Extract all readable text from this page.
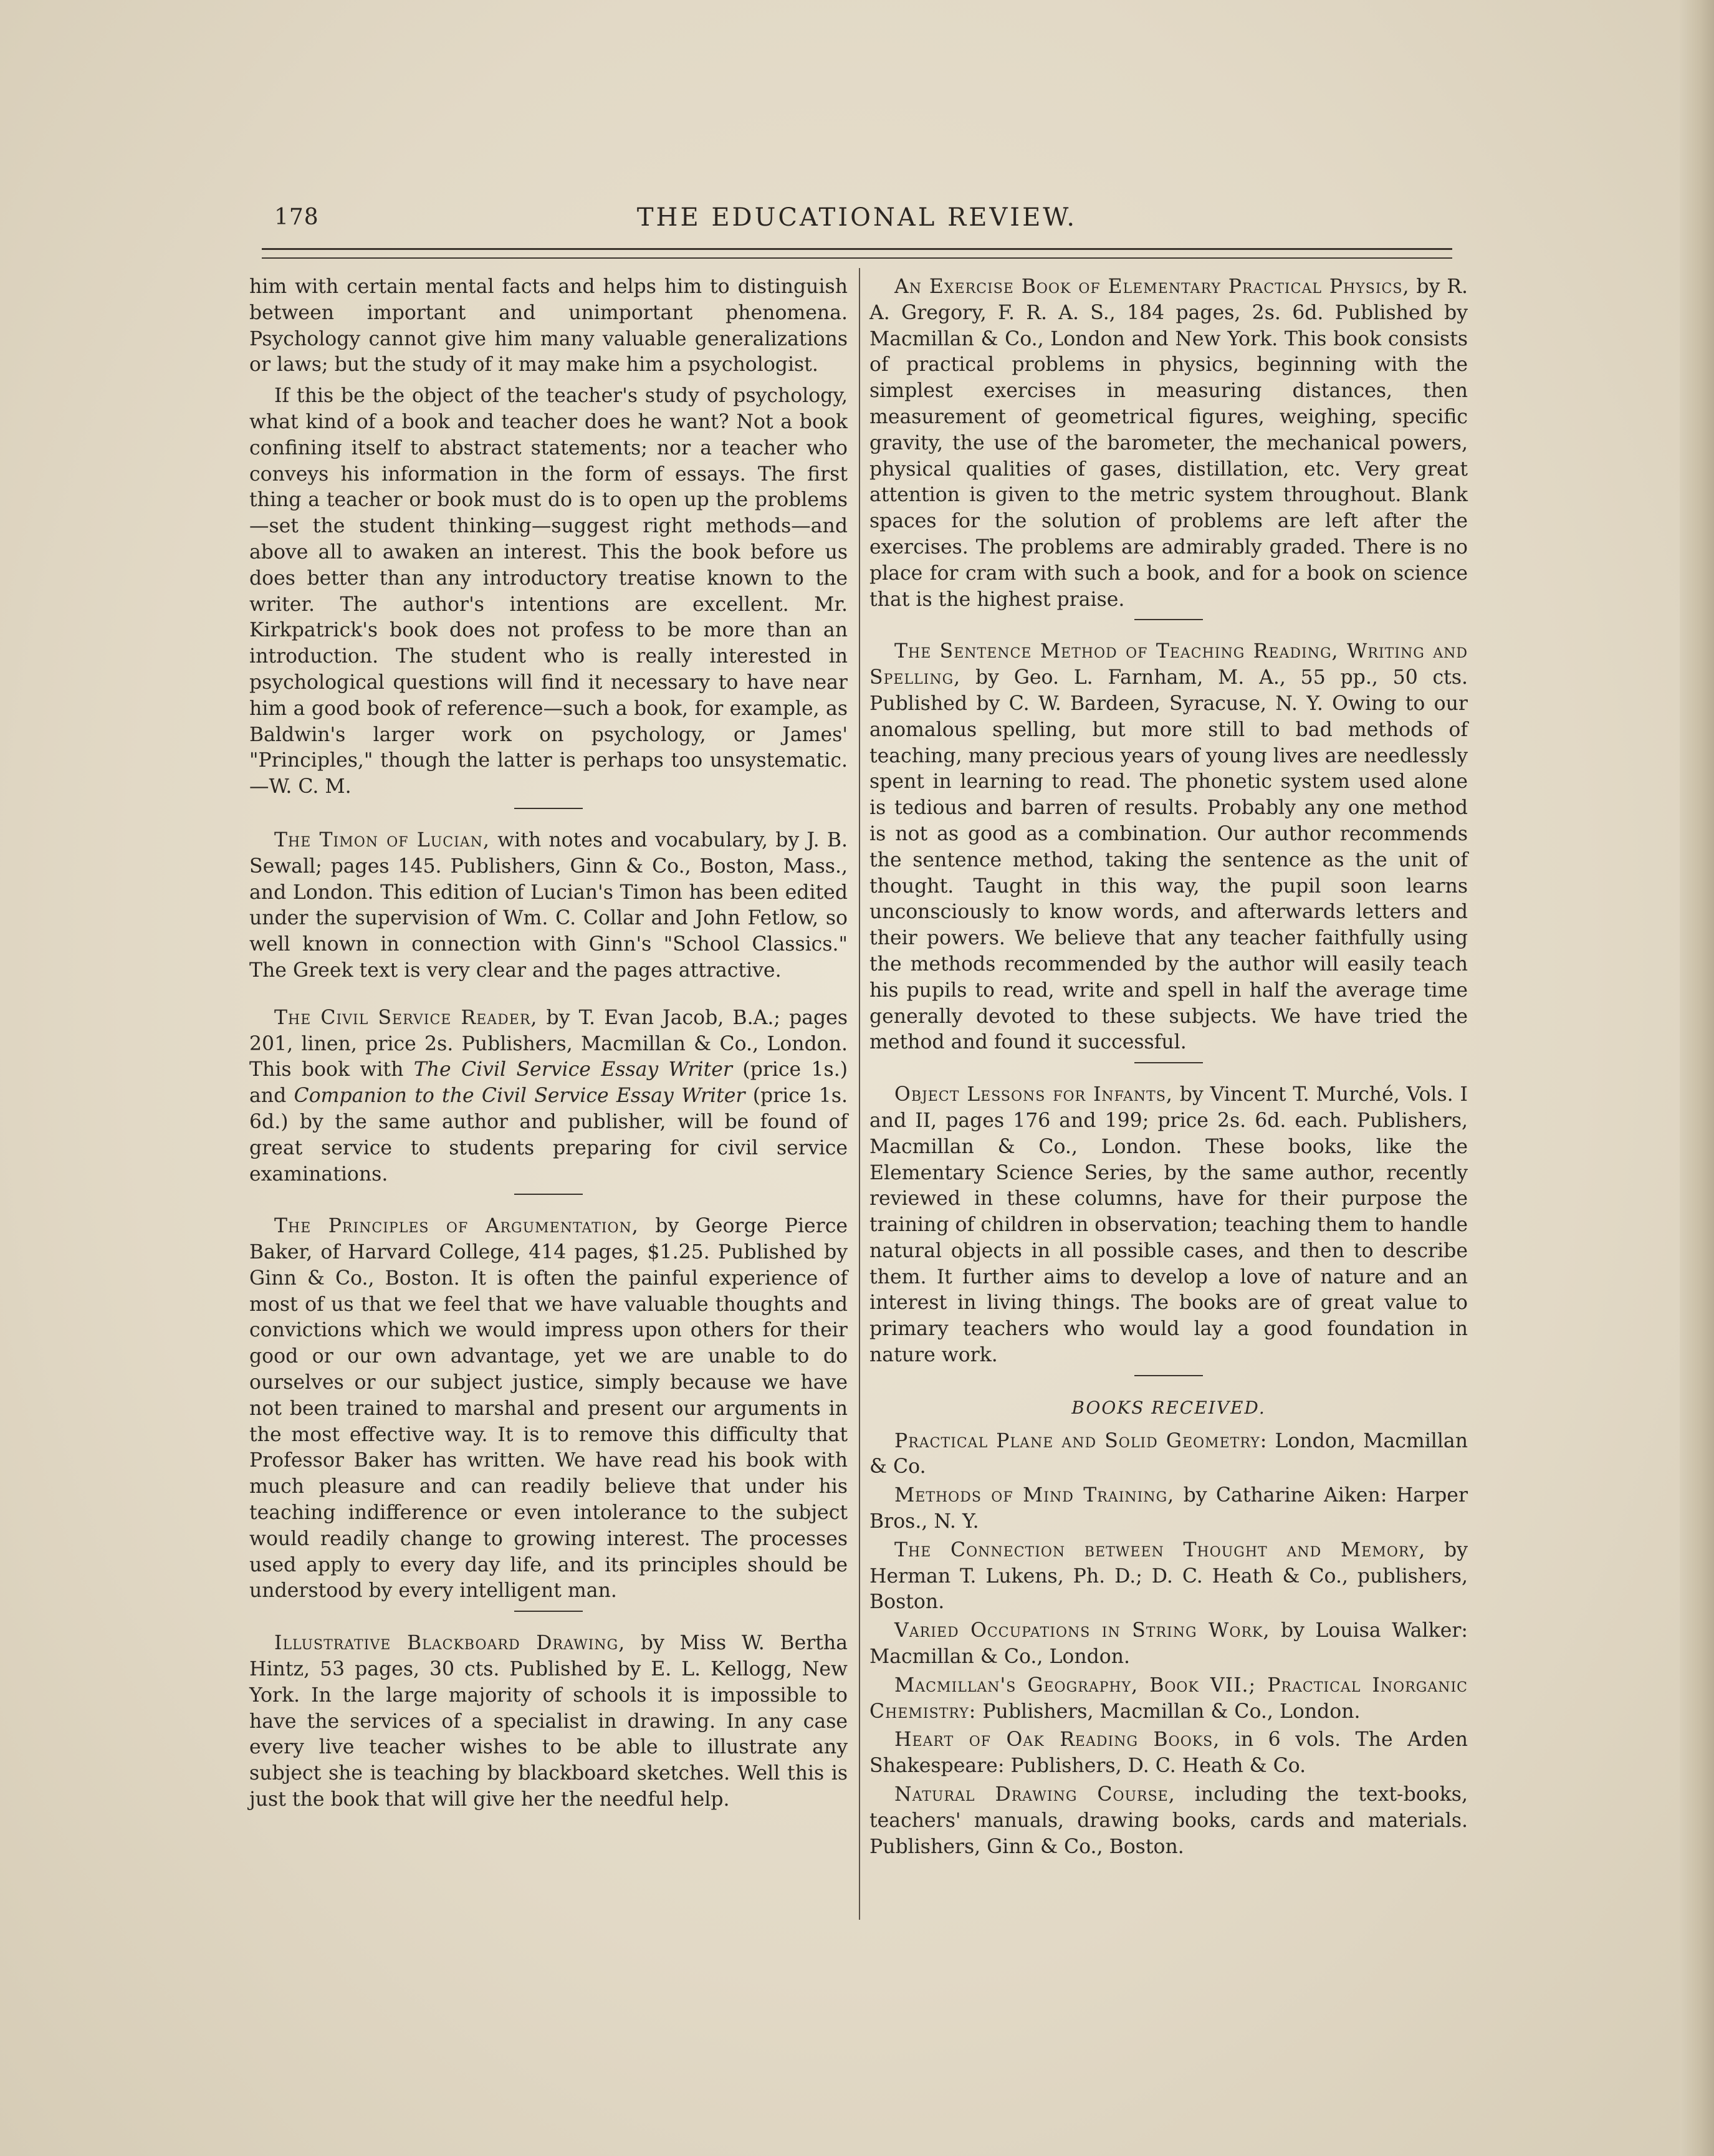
178	THE EDUCATIONAL REVIEW.

him with certain mental facts and helps him to distinguish between important and unimportant phenomena. Psychology cannot give him many valuable generalizations or laws; but the study of it may make him a psychologist.

If this be the object of the teacher's study of psychology, what kind of a book and teacher does he want? Not a book confining itself to abstract statements; nor a teacher who conveys his information in the form of essays. The first thing a teacher or book must do is to open up the problems—set the student thinking—suggest right methods—and above all to awaken an interest. This the book before us does better than any introductory treatise known to the writer. The author's intentions are excellent. Mr. Kirkpatrick's book does not profess to be more than an introduction. The student who is really interested in psychological questions will find it necessary to have near him a good book of reference—such a book, for example, as Baldwin's larger work on psychology, or James' "Principles," though the latter is perhaps too unsystematic.—W. C. M.

The Timon of Lucian, with notes and vocabulary, by J. B. Sewall; pages 145. Publishers, Ginn & Co., Boston, Mass., and London. This edition of Lucian's Timon has been edited under the supervision of Wm. C. Collar and John Fetlow, so well known in connection with Ginn's "School Classics." The Greek text is very clear and the pages attractive.

The Civil Service Reader, by T. Evan Jacob, B.A.; pages 201, linen, price 2s. Publishers, Macmillan & Co., London. This book with The Civil Service Essay Writer (price 1s.) and Companion to the Civil Service Essay Writer (price 1s. 6d.) by the same author and publisher, will be found of great service to students preparing for civil service examinations.

The Principles of Argumentation, by George Pierce Baker, of Harvard College, 414 pages, $1.25. Published by Ginn & Co., Boston. It is often the painful experience of most of us that we feel that we have valuable thoughts and convictions which we would impress upon others for their good or our own advantage, yet we are unable to do ourselves or our subject justice, simply because we have not been trained to marshal and present our arguments in the most effective way. It is to remove this difficulty that Professor Baker has written. We have read his book with much pleasure and can readily believe that under his teaching indifference or even intolerance to the subject would readily change to growing interest. The processes used apply to every day life, and its principles should be understood by every intelligent man.

Illustrative Blackboard Drawing, by Miss W. Bertha Hintz, 53 pages, 30 cts. Published by E. L. Kellogg, New York. In the large majority of schools it is impossible to have the services of a specialist in drawing. In any case every live teacher wishes to be able to illustrate any subject she is teaching by blackboard sketches. Well this is just the book that will give her the needful help.

An Exercise Book of Elementary Practical Physics, by R. A. Gregory, F. R. A. S., 184 pages, 2s. 6d. Published by Macmillan & Co., London and New York. This book consists of practical problems in physics, beginning with the simplest exercises in measuring distances, then measurement of geometrical figures, weighing, specific gravity, the use of the barometer, the mechanical powers, physical qualities of gases, distillation, etc. Very great attention is given to the metric system throughout. Blank spaces for the solution of problems are left after the exercises. The problems are admirably graded. There is no place for cram with such a book, and for a book on science that is the highest praise.

The Sentence Method of Teaching Reading, Writing and Spelling, by Geo. L. Farnham, M. A., 55 pp., 50 cts. Published by C. W. Bardeen, Syracuse, N. Y. Owing to our anomalous spelling, but more still to bad methods of teaching, many precious years of young lives are needlessly spent in learning to read. The phonetic system used alone is tedious and barren of results. Probably any one method is not as good as a combination. Our author recommends the sentence method, taking the sentence as the unit of thought. Taught in this way, the pupil soon learns unconsciously to know words, and afterwards letters and their powers. We believe that any teacher faithfully using the methods recommended by the author will easily teach his pupils to read, write and spell in half the average time generally devoted to these subjects. We have tried the method and found it successful.

Object Lessons for Infants, by Vincent T. Murché, Vols. I and II, pages 176 and 199; price 2s. 6d. each. Publishers, Macmillan & Co., London. These books, like the Elementary Science Series, by the same author, recently reviewed in these columns, have for their purpose the training of children in observation; teaching them to handle natural objects in all possible cases, and then to describe them. It further aims to develop a love of nature and an interest in living things. The books are of great value to primary teachers who would lay a good foundation in nature work.

BOOKS RECEIVED.

Practical Plane and Solid Geometry: London, Macmillan & Co.

Methods of Mind Training, by Catharine Aiken: Harper Bros., N. Y.

The Connection between Thought and Memory, by Herman T. Lukens, Ph. D.; D. C. Heath & Co., publishers, Boston.

Varied Occupations in String Work, by Louisa Walker: Macmillan & Co., London.

Macmillan's Geography, Book VII.; Practical Inorganic Chemistry: Publishers, Macmillan & Co., London.

Heart of Oak Reading Books, in 6 vols. The Arden Shakespeare: Publishers, D. C. Heath & Co.

Natural Drawing Course, including the text-books, teachers' manuals, drawing books, cards and materials. Publishers, Ginn & Co., Boston.
